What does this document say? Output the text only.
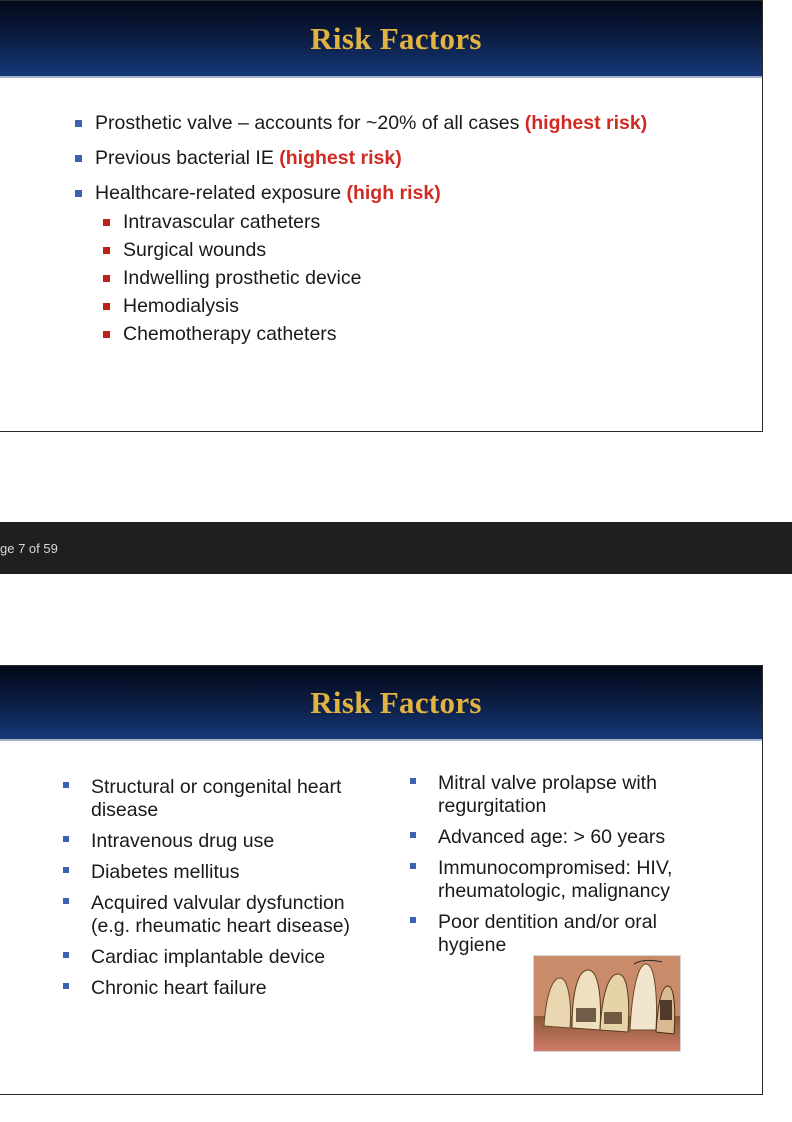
Risk Factors
Prosthetic valve – accounts for ~20% of all cases (highest risk)
Previous bacterial IE (highest risk)
Healthcare-related exposure (high risk)
Intravascular catheters
Surgical wounds
Indwelling prosthetic device
Hemodialysis
Chemotherapy catheters
ge 7 of 59
Risk Factors
Structural or congenital heart disease
Intravenous drug use
Diabetes mellitus
Acquired valvular dysfunction (e.g. rheumatic heart disease)
Cardiac implantable device
Chronic heart failure
Mitral valve prolapse with regurgitation
Advanced age: > 60 years
Immunocompromised: HIV, rheumatologic, malignancy
Poor dentition and/or oral hygiene
